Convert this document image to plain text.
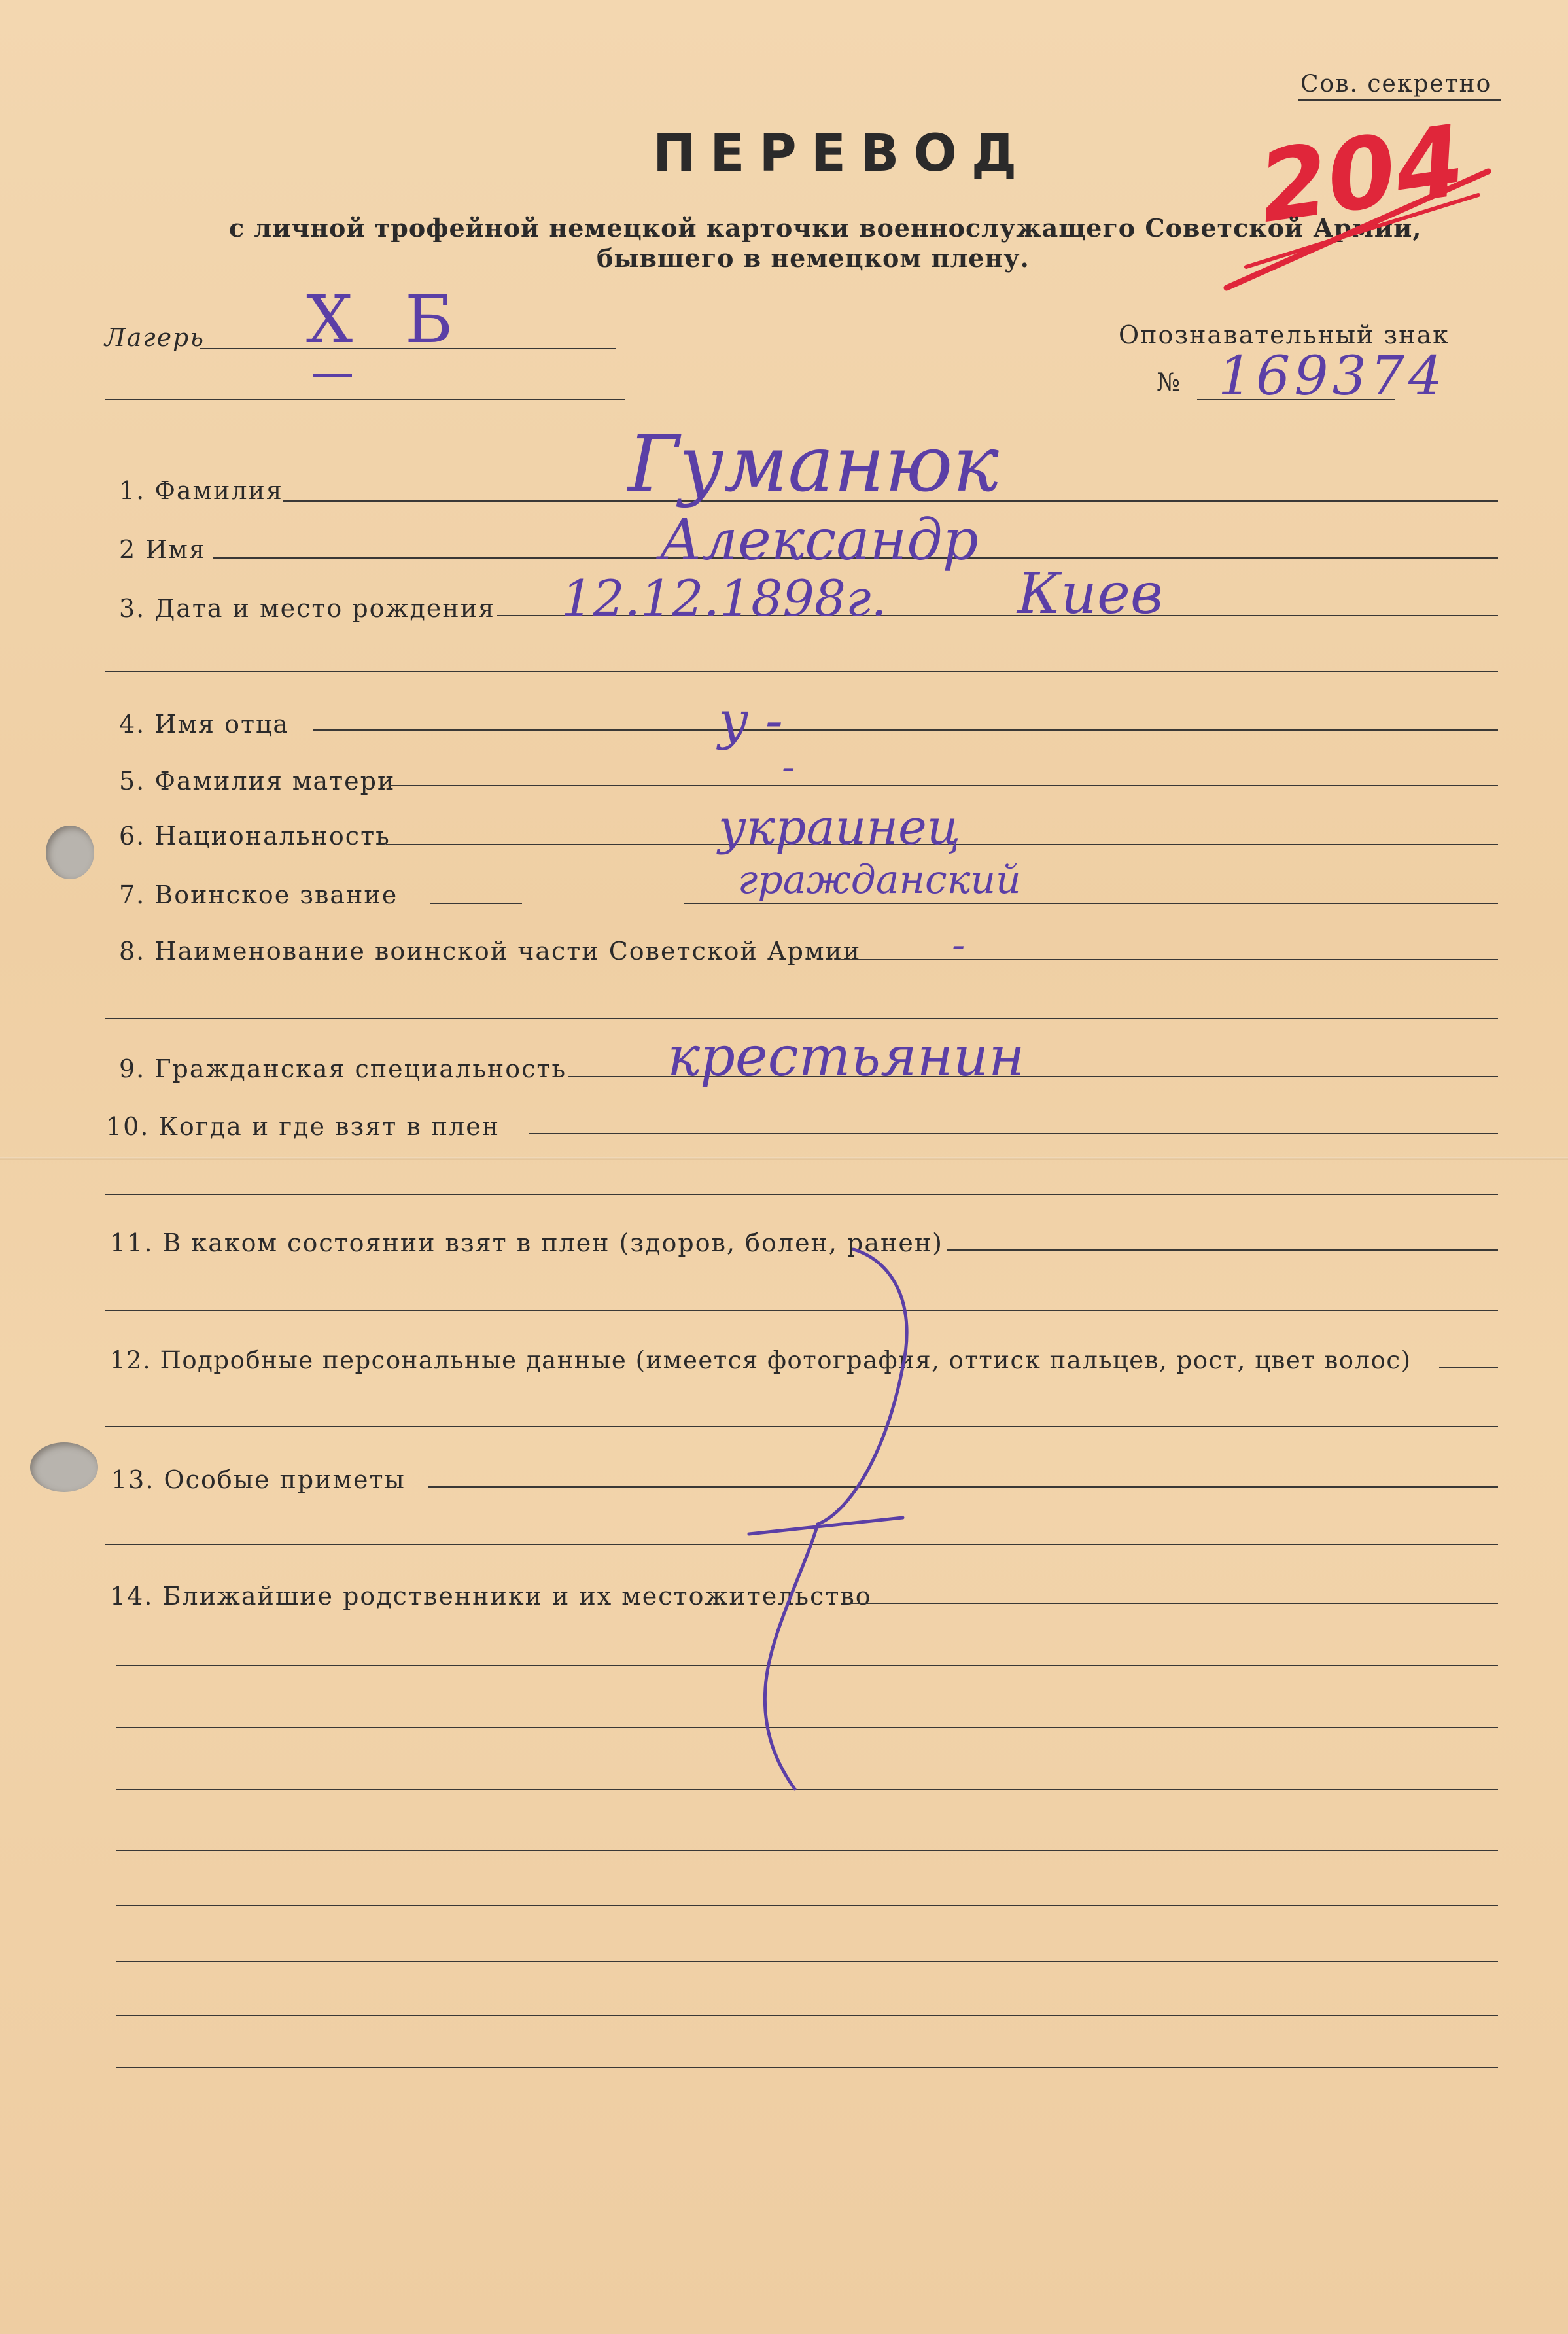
Сов. секретно
204
ПЕРЕВОД
с личной трофейной немецкой карточки военнослужащего Советской Армии,
бывшего в немецком плену.
Лагерь X Б	Опознавательный знак
№ 169374
1. Фамилия	Гуманюк
2 Имя	Александр
3. Дата и место рождения 12.12.1898г. Киев
4. Имя отца	у -
5. Фамилия матери	-
6. Национальность	украинец
7. Воинское звание	гражданский
8. Наименование воинской части Советской Армии -
9. Гражданская специальность крестьянин
10. Когда и где взят в плен
11. В каком состоянии взят в плен (здоров, болен, ранен)
12. Подробные персональные данные (имеется фотография, оттиск пальцев, рост, цвет волос)
13. Особые приметы
14. Ближайшие родственники и их местожительство
